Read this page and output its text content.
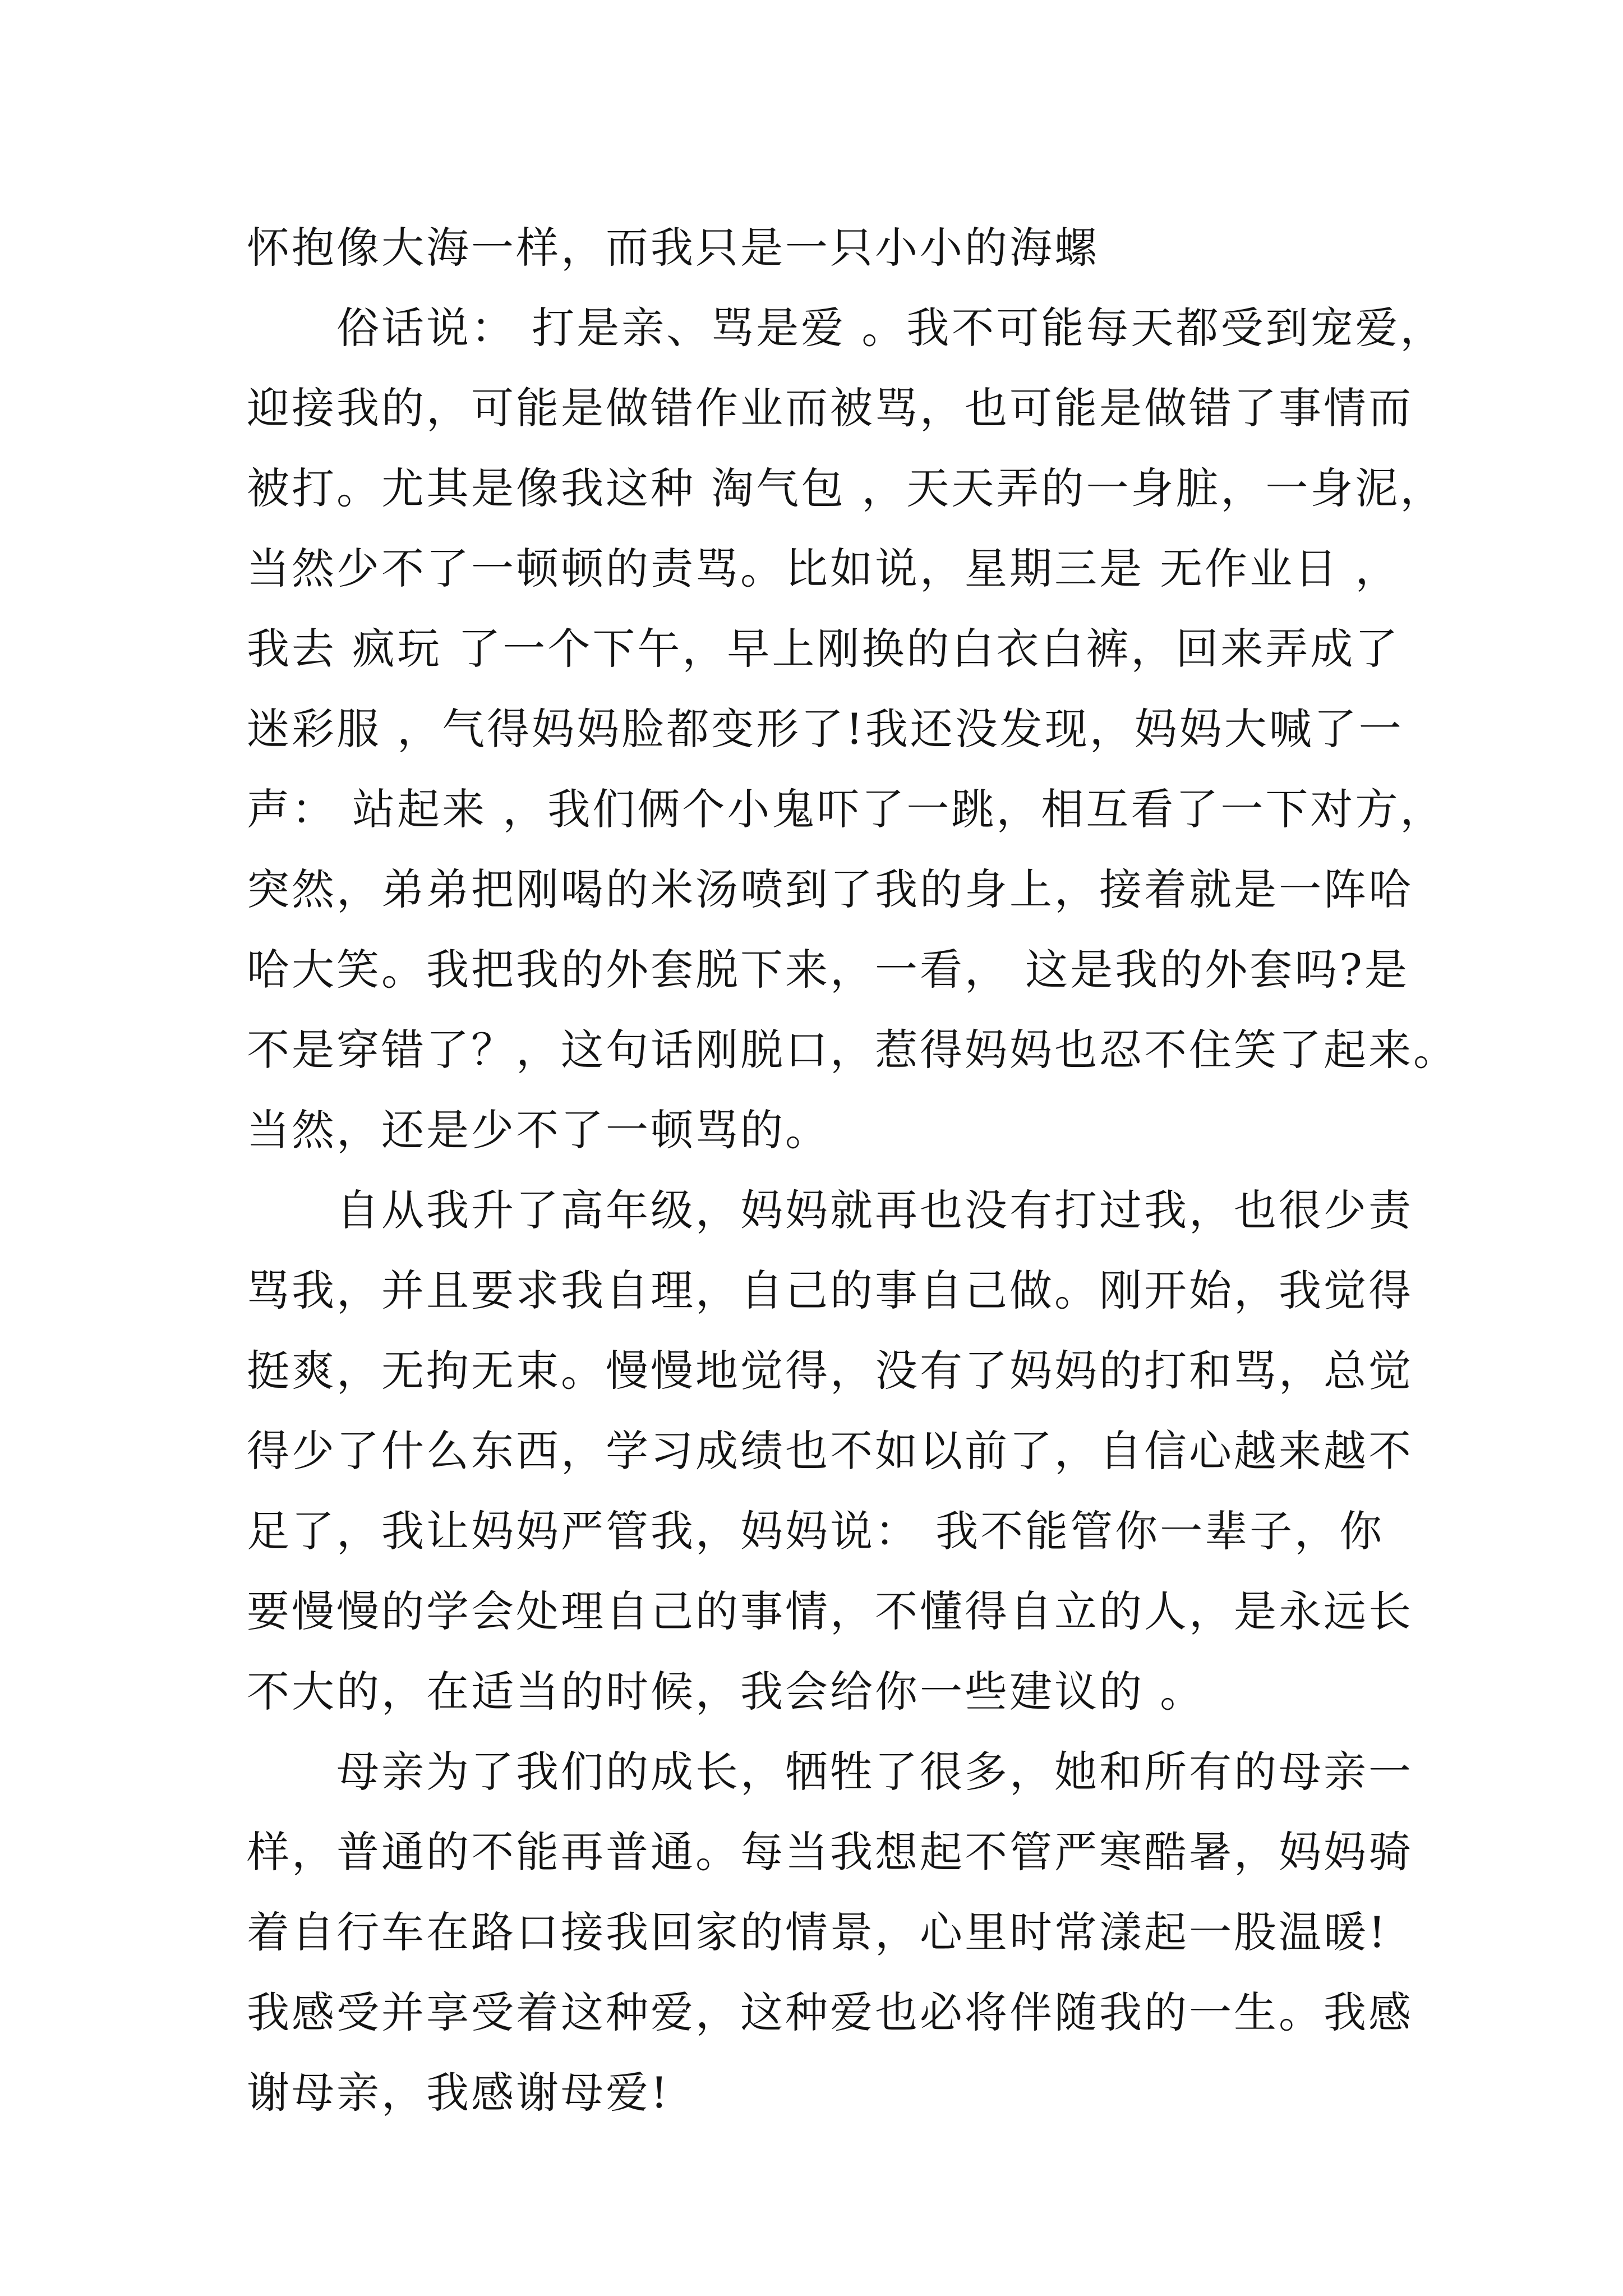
怀抱像大海一样，而我只是一只小小的海螺
　　俗话说： 打是亲、骂是爱 。我不可能每天都受到宠爱，
迎接我的，可能是做错作业而被骂，也可能是做错了事情而
被打。尤其是像我这种 淘气包 ，天天弄的一身脏，一身泥，
当然少不了一顿顿的责骂。比如说，星期三是 无作业日 ，
我去 疯玩 了一个下午，早上刚换的白衣白裤，回来弄成了
迷彩服 ，气得妈妈脸都变形了!我还没发现，妈妈大喊了一
声： 站起来 ，我们俩个小鬼吓了一跳，相互看了一下对方，
突然，弟弟把刚喝的米汤喷到了我的身上，接着就是一阵哈
哈大笑。我把我的外套脱下来，一看， 这是我的外套吗?是
不是穿错了？，这句话刚脱口，惹得妈妈也忍不住笑了起来。
当然，还是少不了一顿骂的。
　　自从我升了高年级，妈妈就再也没有打过我，也很少责
骂我，并且要求我自理，自己的事自己做。刚开始，我觉得
挺爽，无拘无束。慢慢地觉得，没有了妈妈的打和骂，总觉
得少了什么东西，学习成绩也不如以前了，自信心越来越不
足了，我让妈妈严管我，妈妈说： 我不能管你一辈子，你
要慢慢的学会处理自己的事情，不懂得自立的人，是永远长
不大的，在适当的时候，我会给你一些建议的 。
　　母亲为了我们的成长，牺牲了很多，她和所有的母亲一
样，普通的不能再普通。每当我想起不管严寒酷暑，妈妈骑
着自行车在路口接我回家的情景，心里时常漾起一股温暖!
我感受并享受着这种爱，这种爱也必将伴随我的一生。我感
谢母亲，我感谢母爱!
